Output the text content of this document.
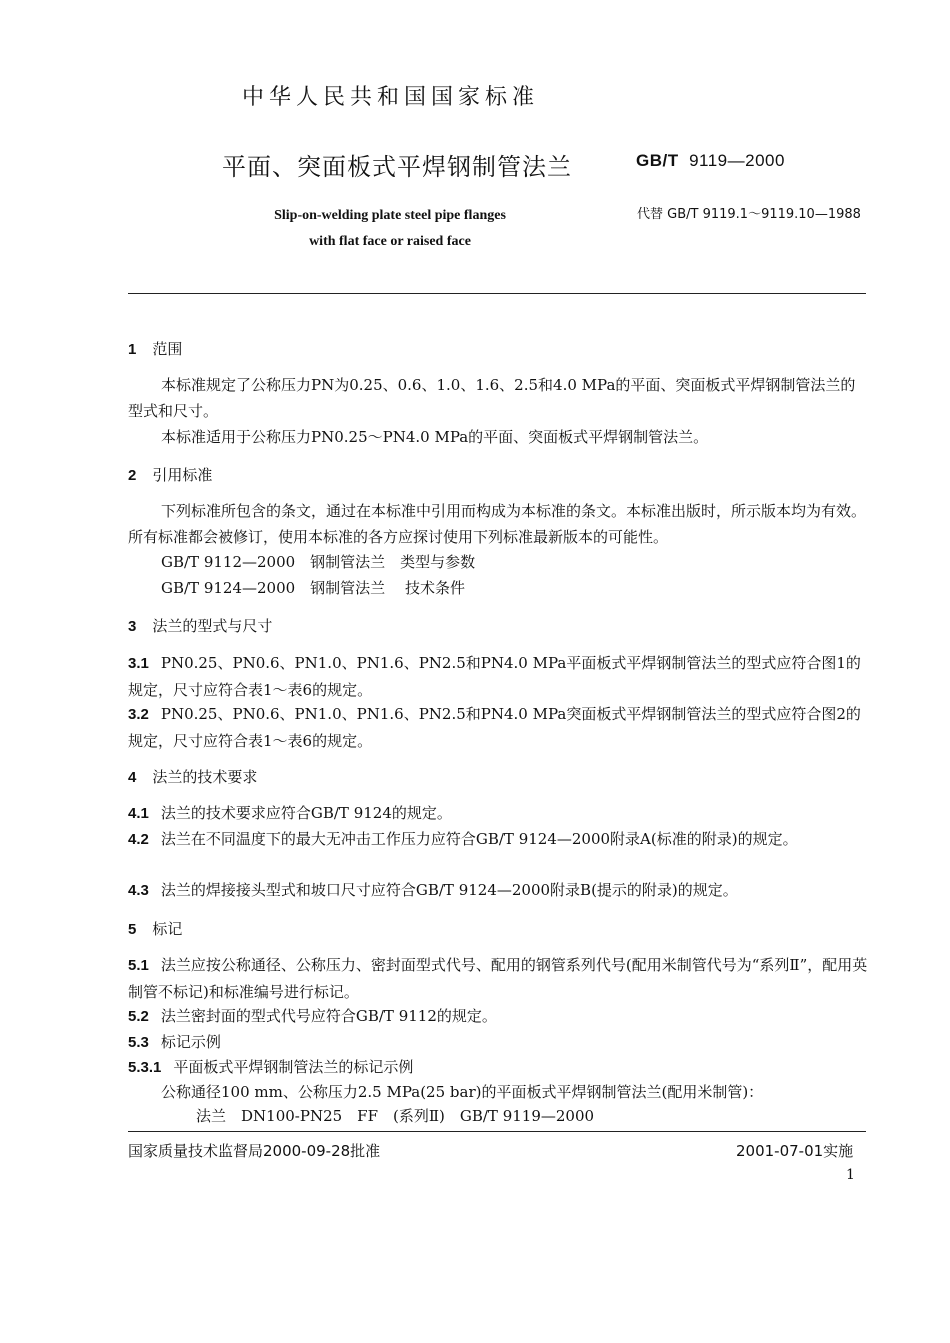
中华人民共和国国家标准
平面、突面板式平焊钢制管法兰	GB/T 9119—2000
Slip-on-welding plate steel pipe flanges
with flat face or raised face
代替 GB/T 9119.1～9119.10—1988
1 范围
本标准规定了公称压力PN为0.25、0.6、1.0、1.6、2.5和4.0 MPa的平面、突面板式平焊钢制管法兰的型式和尺寸。
本标准适用于公称压力PN0.25～PN4.0 MPa的平面、突面板式平焊钢制管法兰。
2 引用标准
下列标准所包含的条文，通过在本标准中引用而构成为本标准的条文。本标准出版时，所示版本均为有效。所有标准都会被修订，使用本标准的各方应探讨使用下列标准最新版本的可能性。
GB/T 9112—2000　钢制管法兰　类型与参数
GB/T 9124—2000　钢制管法兰　 技术条件
3 法兰的型式与尺寸
3.1 PN0.25、PN0.6、PN1.0、PN1.6、PN2.5和PN4.0 MPa平面板式平焊钢制管法兰的型式应符合图1的规定，尺寸应符合表1～表6的规定。
3.2 PN0.25、PN0.6、PN1.0、PN1.6、PN2.5和PN4.0 MPa突面板式平焊钢制管法兰的型式应符合图2的规定，尺寸应符合表1～表6的规定。
4 法兰的技术要求
4.1 法兰的技术要求应符合GB/T 9124的规定。
4.2 法兰在不同温度下的最大无冲击工作压力应符合GB/T 9124—2000附录A(标准的附录)的规定。
4.3 法兰的焊接接头型式和坡口尺寸应符合GB/T 9124—2000附录B(提示的附录)的规定。
5 标记
5.1 法兰应按公称通径、公称压力、密封面型式代号、配用的钢管系列代号(配用米制管代号为“系列Ⅱ”，配用英制管不标记)和标准编号进行标记。
5.2 法兰密封面的型式代号应符合GB/T 9112的规定。
5.3 标记示例
5.3.1 平面板式平焊钢制管法兰的标记示例
公称通径100 mm、公称压力2.5 MPa(25 bar)的平面板式平焊钢制管法兰(配用米制管)：
法兰　DN100-PN25　FF　(系列Ⅱ)　GB/T 9119—2000
国家质量技术监督局2000-09-28批准	2001-07-01实施
1
